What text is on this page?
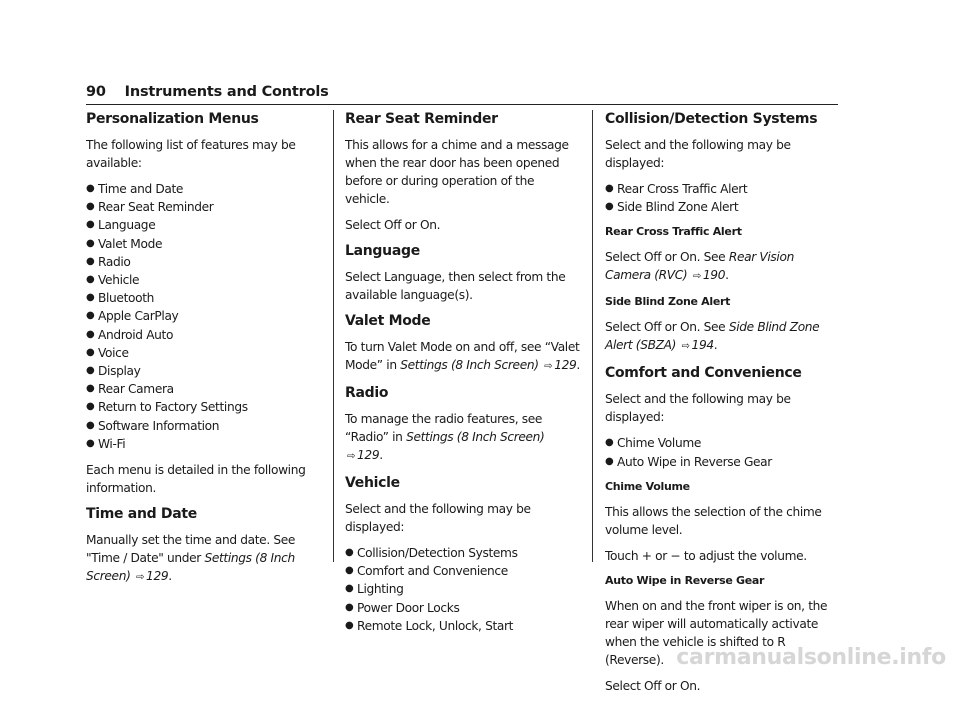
90 Instruments and Controls
Personalization Menus

The following list of features may be available:

● Time and Date
● Rear Seat Reminder
● Language
● Valet Mode
● Radio
● Vehicle
● Bluetooth
● Apple CarPlay
● Android Auto
● Voice
● Display
● Rear Camera
● Return to Factory Settings
● Software Information
● Wi-Fi

Each menu is detailed in the following information.

Time and Date

Manually set the time and date. See "Time / Date" under Settings (8 Inch Screen) ⇨ 129.

Rear Seat Reminder

This allows for a chime and a message when the rear door has been opened before or during operation of the vehicle.

Select Off or On.

Language

Select Language, then select from the available language(s).

Valet Mode

To turn Valet Mode on and off, see “Valet Mode” in Settings (8 Inch Screen) ⇨ 129.

Radio

To manage the radio features, see “Radio” in Settings (8 Inch Screen) ⇨ 129.

Vehicle

Select and the following may be displayed:

● Collision/Detection Systems
● Comfort and Convenience
● Lighting
● Power Door Locks
● Remote Lock, Unlock, Start
Collision/Detection Systems

Select and the following may be displayed:

● Rear Cross Traffic Alert
● Side Blind Zone Alert
Rear Cross Traffic Alert

Select Off or On. See Rear Vision Camera (RVC) ⇨ 190.

Side Blind Zone Alert

Select Off or On. See Side Blind Zone Alert (SBZA) ⇨ 194.

Comfort and Convenience

Select and the following may be displayed:

● Chime Volume
● Auto Wipe in Reverse Gear
Chime Volume

This allows the selection of the chime volume level.

Touch + or − to adjust the volume.

Auto Wipe in Reverse Gear

When on and the front wiper is on, the rear wiper will automatically activate when the vehicle is shifted to R (Reverse).

Select Off or On.

carmanualsonline.info
